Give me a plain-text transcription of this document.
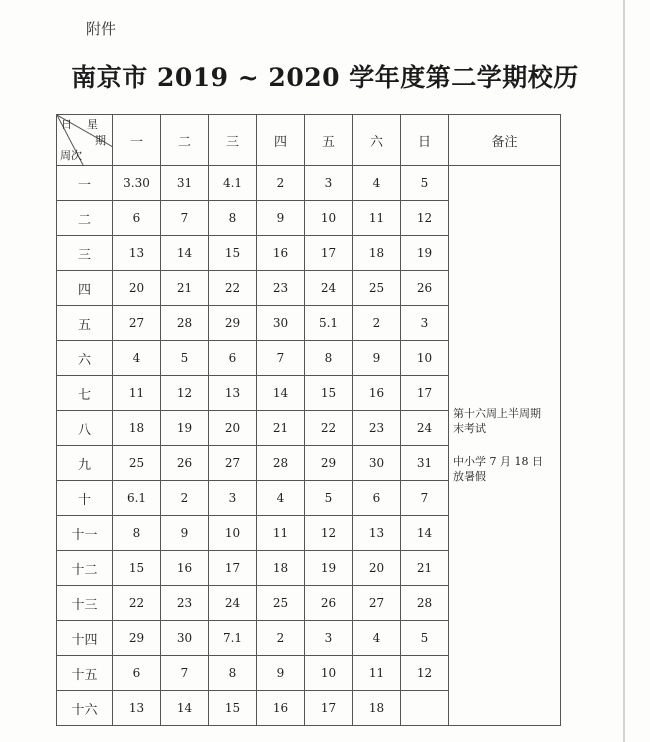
附件
南京市 2019 ~ 2020 学年度第二学期校历
日 星
期
周次	一	二	三	四	五	六	日	备注
一	3.30	31	4.1	2	3	4	5	第十六周上半周期末考试
中小学 7 月 18 日放暑假

二	6	7	8	9	10	11	12	
三	13	14	15	16	17	18	19	
四	20	21	22	23	24	25	26	
五	27	28	29	30	5.1	2	3	
六	4	5	6	7	8	9	10	
七	11	12	13	14	15	16	17	
八	18	19	20	21	22	23	24	
九	25	26	27	28	29	30	31	
十	6.1	2	3	4	5	6	7	
十一	8	9	10	11	12	13	14	
十二	15	16	17	18	19	20	21	
十三	22	23	24	25	26	27	28	
十四	29	30	7.1	2	3	4	5	
十五	6	7	8	9	10	11	12	
十六	13	14	15	16	17	18		
